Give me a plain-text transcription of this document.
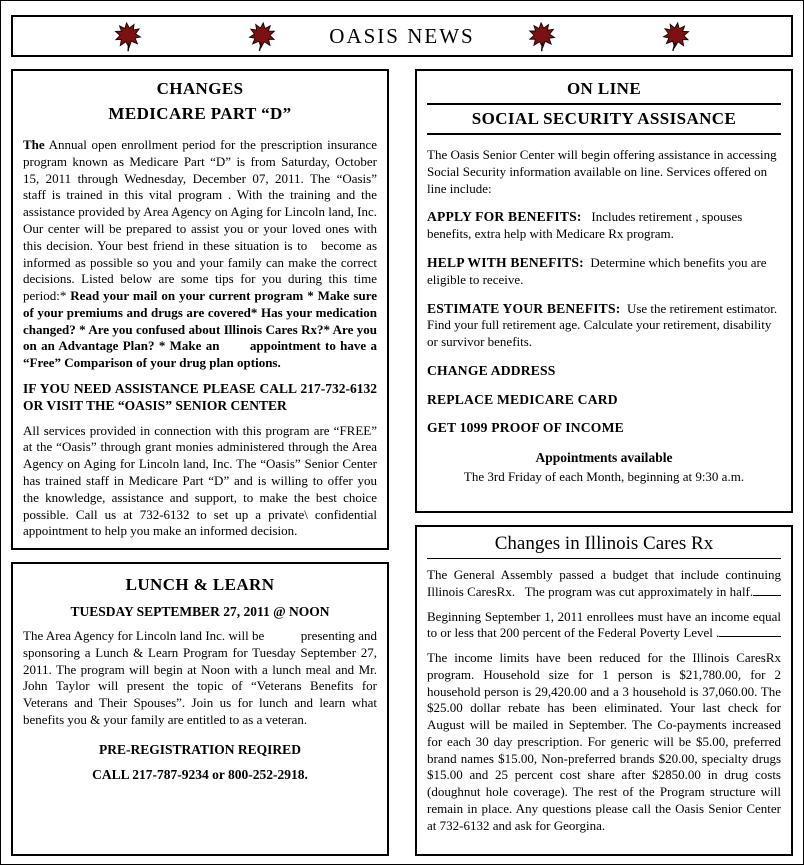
OASIS NEWS
CHANGES
MEDICARE PART “D”

The Annual open enrollment period for the prescription insurance program known as Medicare Part “D” is from Saturday, October 15, 2011 through Wednesday, December 07, 2011. The “Oasis” staff is trained in this vital program . With the training and the assistance provided by Area Agency on Aging for Lincoln land, Inc. Our center will be prepared to assist you or your loved ones with this decision. Your best friend in these situation is to   become as informed as possible so you and your family can make the correct decisions. Listed below are some tips for you during this time period:* Read your mail on your current program * Make sure of your premiums and drugs are covered* Has your medication changed? * Are you confused about Illinois Cares Rx?* Are you on an Advantage Plan? * Make an       appointment to have a “Free” Comparison of your drug plan options.

IF YOU NEED ASSISTANCE PLEASE CALL 217-732-6132 OR VISIT THE “OASIS” SENIOR CENTER

All services provided in connection with this program are “FREE” at the “Oasis” through grant monies administered through the Area Agency on Aging for Lincoln land, Inc. The “Oasis” Senior Center has trained staff in Medicare Part “D” and is willing to offer you the knowledge, assistance and support, to make the best choice possible. Call us at 732-6132 to set up a private\ confidential appointment to help you make an informed decision.

LUNCH & LEARN
TUESDAY SEPTEMBER 27, 2011 @ NOON

The Area Agency for Lincoln land Inc. will be           presenting and sponsoring a Lunch & Learn Program for Tuesday September 27, 2011. The program will begin at Noon with a lunch meal and Mr. John Taylor will present the topic of “Veterans Benefits for Veterans and Their Spouses”. Join us for lunch and learn what benefits you & your family are entitled to as a veteran.

PRE-REGISTRATION REQIRED

CALL 217-787-9234 or 800-252-2918.

ON LINE
SOCIAL SECURITY ASSISANCE

The Oasis Senior Center will begin offering assistance in accessing Social Security information available on line. Services offered on line include:

APPLY FOR BENEFITS:   Includes retirement , spouses benefits, extra help with Medicare Rx program.

HELP WITH BENEFITS:  Determine which benefits you are eligible to receive.

ESTIMATE YOUR BENEFITS:  Use the retirement estimator. Find your full retirement age. Calculate your retirement, disability or survivor benefits.

CHANGE ADDRESS

REPLACE MEDICARE CARD

GET 1099 PROOF OF INCOME

Appointments available

The 3rd Friday of each Month, beginning at 9:30 a.m.

Changes in Illinois Cares Rx

The General Assembly passed a budget that include continuing Illinois CaresRx.   The program was cut approximately in half.

Beginning September 1, 2011 enrollees must have an income equal to or less that 200 percent of the Federal Poverty Level .

The income limits have been reduced for the Illinois CaresRx program. Household size for 1 person is $21,780.00, for 2 household person is 29,420.00 and a 3 household is 37,060.00. The $25.00 dollar rebate has been eliminated. Your last check for August will be mailed in September. The Co-payments increased for each 30 day prescription. For generic will be $5.00, preferred brand names $15.00, Non-preferred brands $20.00, specialty drugs $15.00 and 25 percent cost share after $2850.00 in drug costs (doughnut hole coverage). The rest of the Program structure will remain in place. Any questions please call the Oasis Senior Center at 732-6132 and ask for Georgina.
